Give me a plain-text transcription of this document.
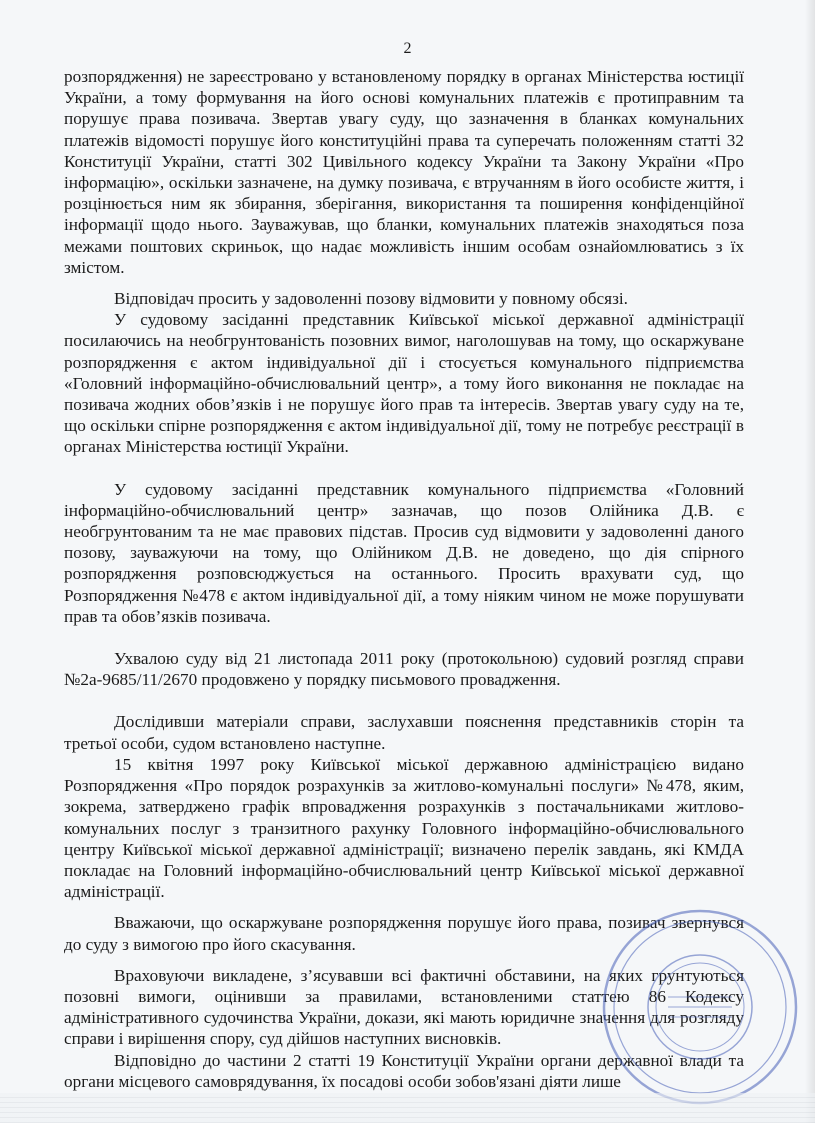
2

розпорядження) не зареєстровано у встановленому порядку в органах Міністерства юстиції України, а тому формування на його основі комунальних платежів є протиправним та порушує права позивача. Звертав увагу суду, що зазначення в бланках комунальних платежів відомості порушує його конституційні права та суперечать положенням статті 32 Конституції України, статті 302 Цивільного кодексу України та Закону України «Про інформацію», оскільки зазначене, на думку позивача, є втручанням в його особисте життя, і розцінюється ним як збирання, зберігання, використання та поширення конфіденційної інформації щодо нього. Зауважував, що бланки, комунальних платежів знаходяться поза межами поштових скриньок, що надає можливість іншим особам ознайомлюватись з їх змістом.

Відповідач просить у задоволенні позову відмовити у повному обсязі.

У судовому засіданні представник Київської міської державної адміністрації посилаючись на необгрунтованість позовних вимог, наголошував на тому, що оскаржуване розпорядження є актом індивідуальної дії і стосується комунального підприємства «Головний інформаційно-обчислювальний центр», а тому його виконання не покладає на позивача жодних обов’язків і не порушує його прав та інтересів. Звертав увагу суду на те, що оскільки спірне розпорядження є актом індивідуальної дії, тому не потребує реєстрації в органах Міністерства юстиції України.

У судовому засіданні представник комунального підприємства «Головний інформаційно-обчислювальний центр» зазначав, що позов Олійника Д.В. є необгрунтованим та не має правових підстав. Просив суд відмовити у задоволенні даного позову, зауважуючи на тому, що Олійником Д.В. не доведено, що дія спірного розпорядження розповсюджується на останнього. Просить врахувати суд, що Розпорядження №478 є актом індивідуальної дії, а тому ніяким чином не може порушувати прав та обов’язків позивача.

Ухвалою суду від 21 листопада 2011 року (протокольною) судовий розгляд справи №2а-9685/11/2670 продовжено у порядку письмового провадження.

Дослідивши матеріали справи, заслухавши пояснення представників сторін та третьої особи, судом встановлено наступне.

15 квітня 1997 року Київської міської державною адміністрацією видано Розпорядження «Про порядок розрахунків за житлово-комунальні послуги» №478, яким, зокрема, затверджено графік впровадження розрахунків з постачальниками житлово-комунальних послуг з транзитного рахунку Головного інформаційно-обчислювального центру Київської міської державної адміністрації; визначено перелік завдань, які КМДА покладає на Головний інформаційно-обчислювальний центр Київської міської державної адміністрації.

Вважаючи, що оскаржуване розпорядження порушує його права, позивач звернувся до суду з вимогою про його скасування.

Враховуючи викладене, з’ясувавши всі фактичні обставини, на яких грунтуються позовні вимоги, оцінивши за правилами, встановленими статтею 86 Кодексу адміністративного судочинства України, докази, які мають юридичне значення для розгляду справи і вирішення спору, суд дійшов наступних висновків.

Відповідно до частини 2 статті 19 Конституції України органи державної влади та органи місцевого самоврядування, їх посадові особи зобов'язані діяти лише
